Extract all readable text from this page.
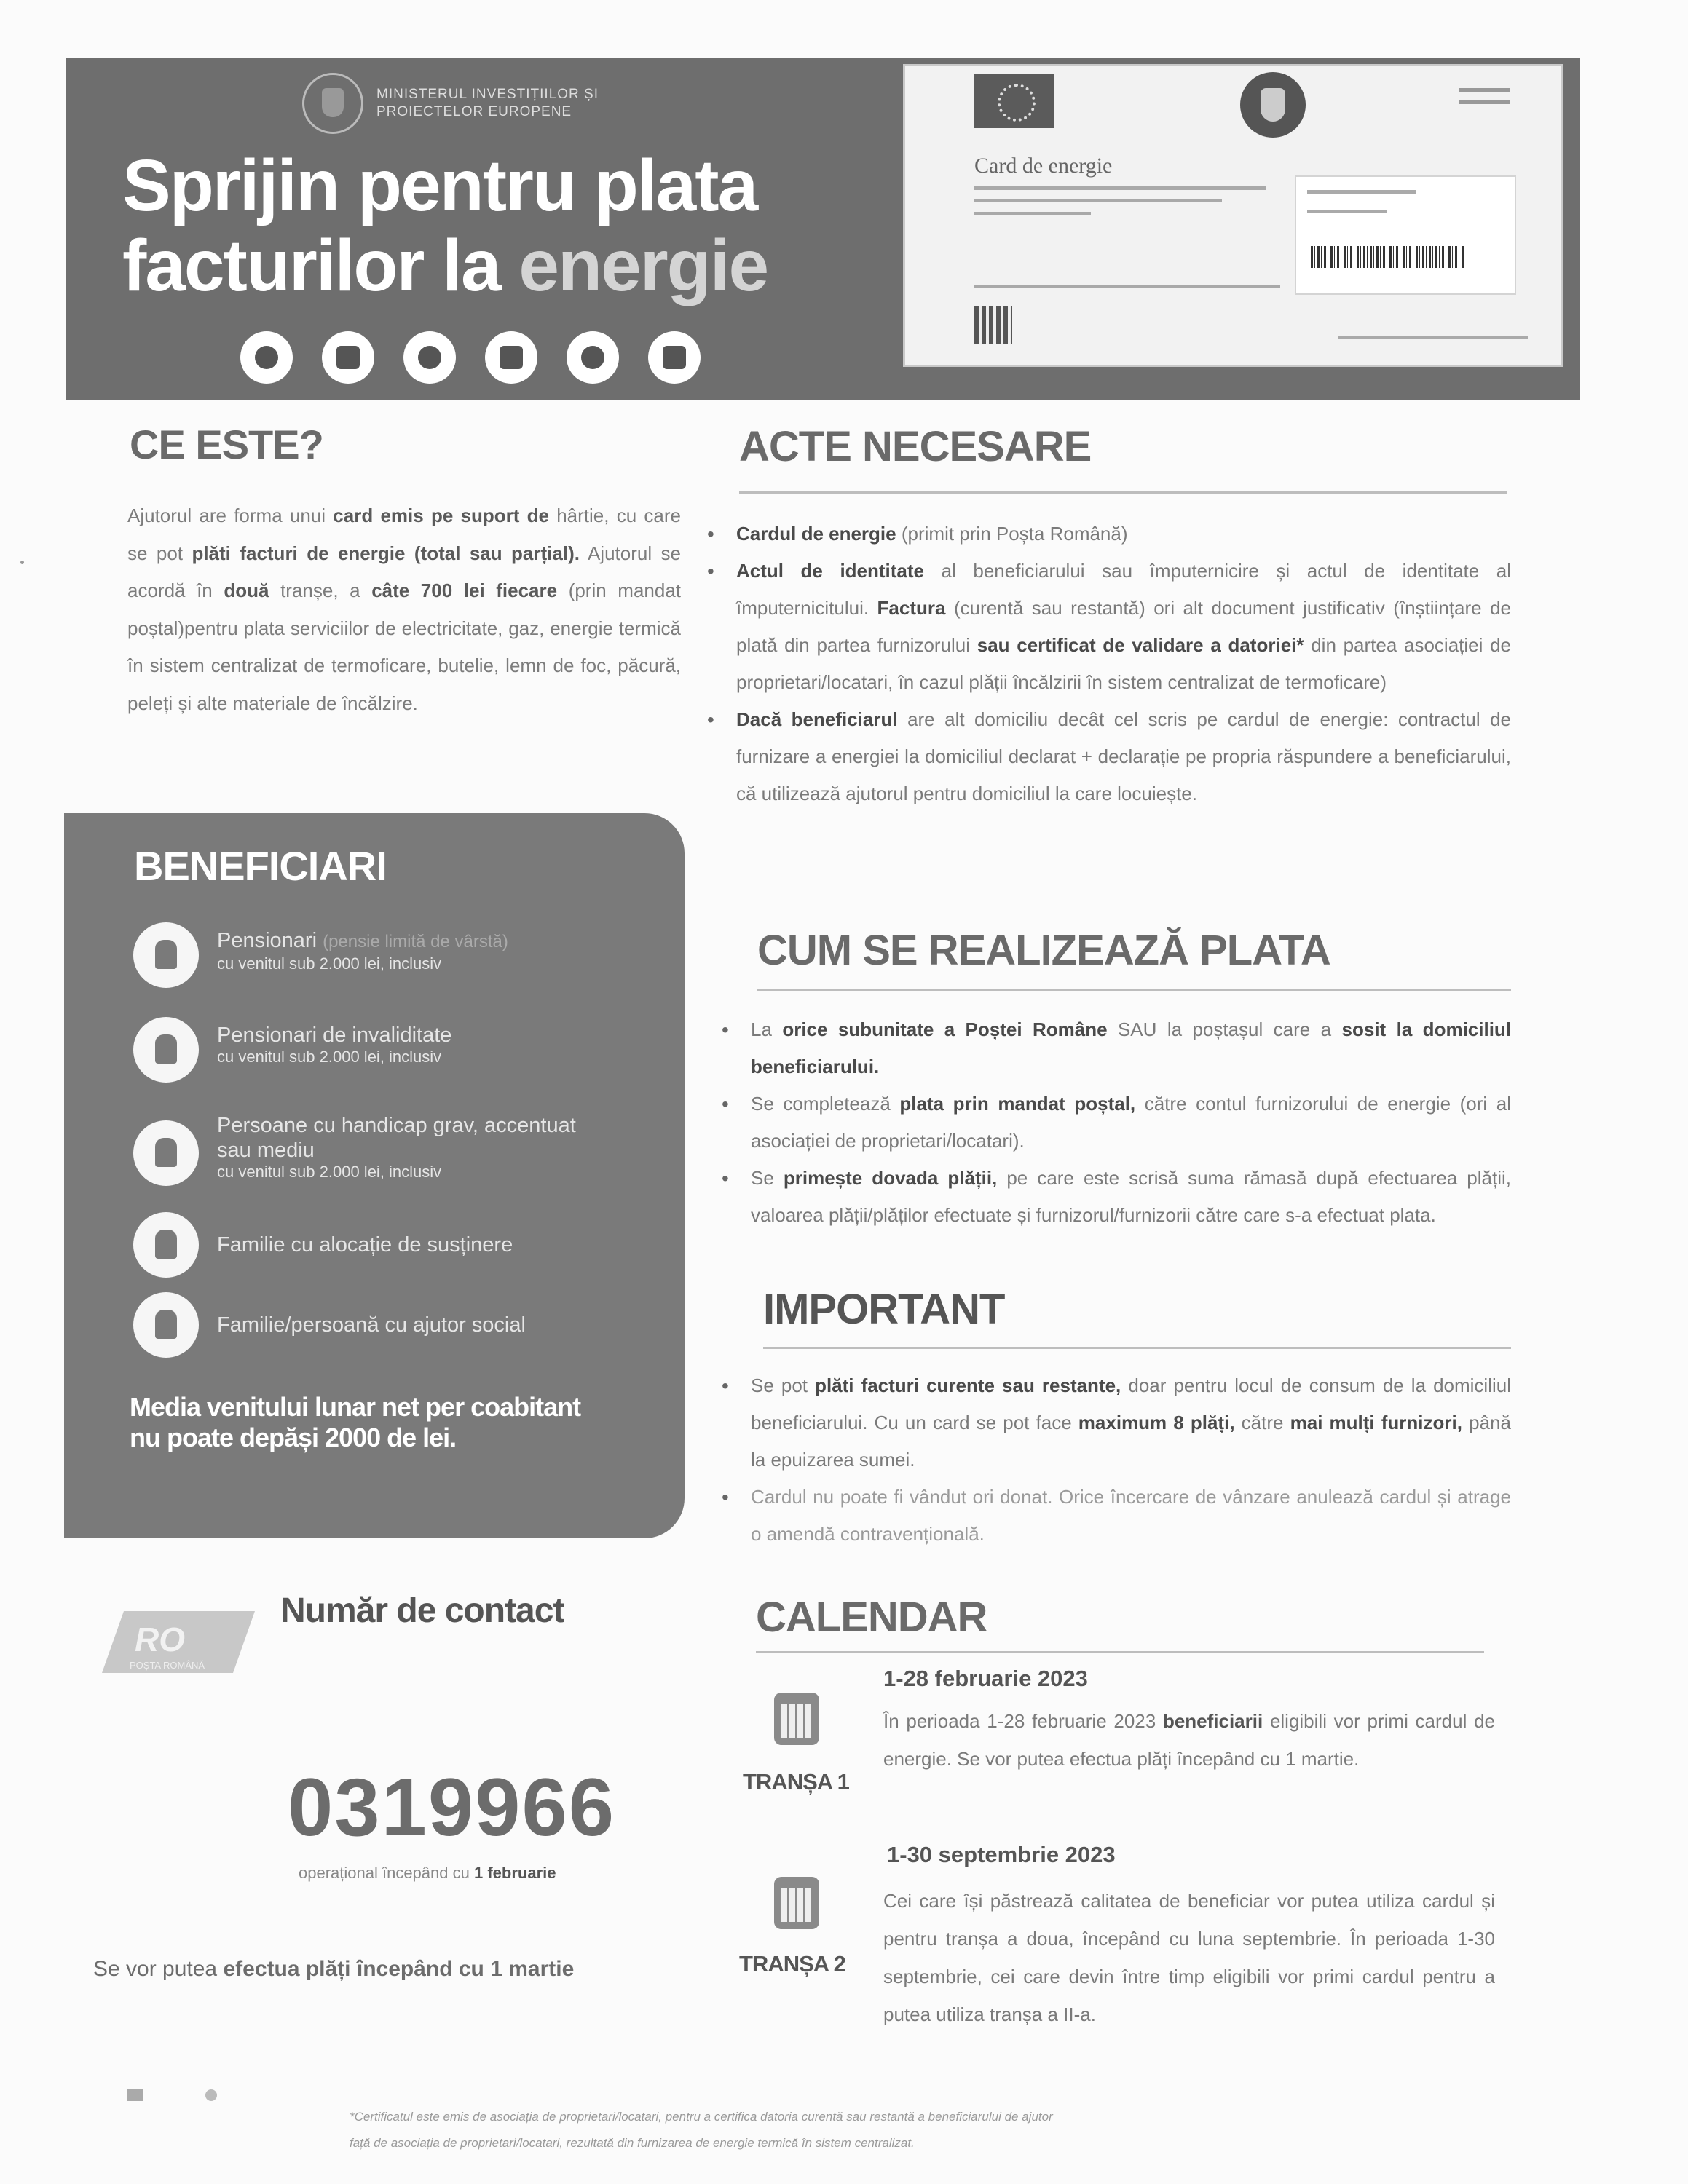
MINISTERUL INVESTIȚIILOR ȘI PROIECTELOR EUROPENE
Sprijin pentru plata
facturilor la energie
Card de energie
CE ESTE?
Ajutorul are forma unui card emis pe suport de hârtie, cu care se pot plăti facturi de energie (total sau parțial). Ajutorul se acordă în două tranșe, a câte 700 lei fiecare (prin mandat poștal)pentru plata serviciilor de electricitate, gaz, energie termică în sistem centralizat de termoficare, butelie, lemn de foc, păcură, peleți și alte materiale de încălzire.
BENEFICIARI
Pensionari (pensie limită de vârstă)
cu venitul sub 2.000 lei, inclusiv
Pensionari de invaliditate
cu venitul sub 2.000 lei, inclusiv
Persoane cu handicap grav, accentuat
sau mediu
cu venitul sub 2.000 lei, inclusiv
Familie cu alocație de susținere
Familie/persoană cu ajutor social
Media venitului lunar net per coabitant
nu poate depăși 2000 de lei.
RO
POȘTA ROMÂNĂ
Număr de contact
0319966
operațional începând cu 1 februarie
Se vor putea efectua plăți începând cu 1 martie
ACTE NECESARE
• Cardul de energie (primit prin Poșta Română)
• Actul de identitate al beneficiarului sau împuternicire și actul de identitate al împuternicitului. Factura (curentă sau restantă) ori alt document justificativ (înștiințare de plată din partea furnizorului sau certificat de validare a datoriei* din partea asociației de proprietari/locatari, în cazul plății încălzirii în sistem centralizat de termoficare)
• Dacă beneficiarul are alt domiciliu decât cel scris pe cardul de energie: contractul de furnizare a energiei la domiciliul declarat + declarație pe propria răspundere a beneficiarului, că utilizează ajutorul pentru domiciliul la care locuiește.
CUM SE REALIZEAZĂ PLATA
• La orice subunitate a Poștei Române SAU la poștașul care a sosit la domiciliul beneficiarului.
• Se completează plata prin mandat poștal, către contul furnizorului de energie (ori al asociației de proprietari/locatari).
• Se primește dovada plății, pe care este scrisă suma rămasă după efectuarea plății, valoarea plății/plăților efectuate și furnizorul/furnizorii către care s-a efectuat plata.
IMPORTANT
• Se pot plăti facturi curente sau restante, doar pentru locul de consum de la domiciliul beneficiarului. Cu un card se pot face maximum 8 plăți, către mai mulți furnizori, până la epuizarea sumei.
• Cardul nu poate fi vândut ori donat. Orice încercare de vânzare anulează cardul și atrage o amendă contravențională.
CALENDAR
TRANȘA 1
1-28 februarie 2023
În perioada 1-28 februarie 2023 beneficiarii eligibili vor primi cardul de energie. Se vor putea efectua plăți începând cu 1 martie.
TRANȘA 2
1-30 septembrie 2023
Cei care își păstrează calitatea de beneficiar vor putea utiliza cardul și pentru tranșa a doua, începând cu luna septembrie. În perioada 1-30 septembrie, cei care devin între timp eligibili vor primi cardul pentru a putea utiliza tranșa a II-a.
*Certificatul este emis de asociația de proprietari/locatari, pentru a certifica datoria curentă sau restantă a beneficiarului de ajutor
față de asociația de proprietari/locatari, rezultată din furnizarea de energie termică în sistem centralizat.
